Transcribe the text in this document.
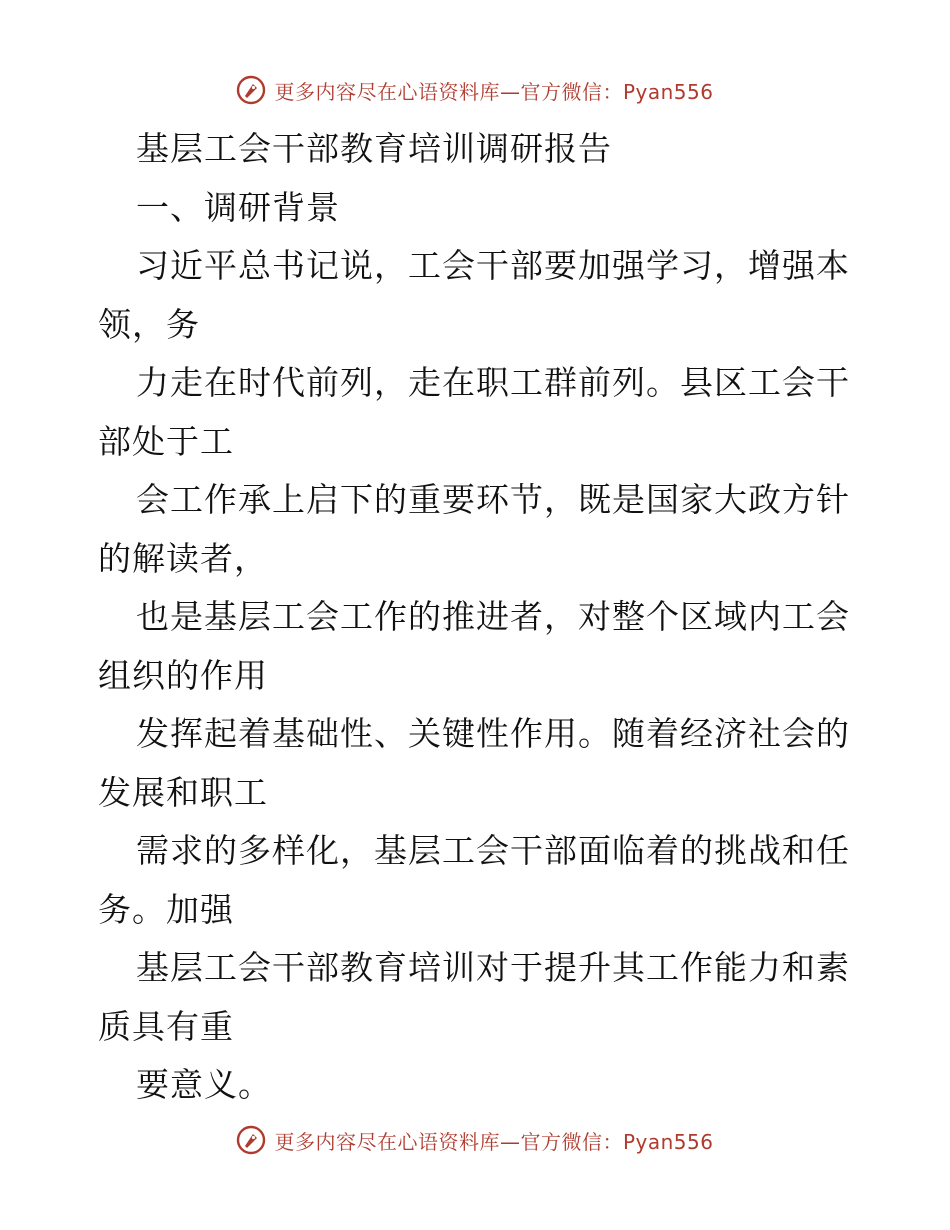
更多内容尽在心语资料库—官方微信：Pyan556
基层工会干部教育培训调研报告
一、调研背景
习近平总书记说，工会干部要加强学习，增强本
领，务
力走在时代前列，走在职工群前列。县区工会干
部处于工
会工作承上启下的重要环节，既是国家大政方针
的解读者，
也是基层工会工作的推进者，对整个区域内工会
组织的作用
发挥起着基础性、关键性作用。随着经济社会的
发展和职工
需求的多样化，基层工会干部面临着的挑战和任
务。加强
基层工会干部教育培训对于提升其工作能力和素
质具有重
要意义。
更多内容尽在心语资料库—官方微信：Pyan556
